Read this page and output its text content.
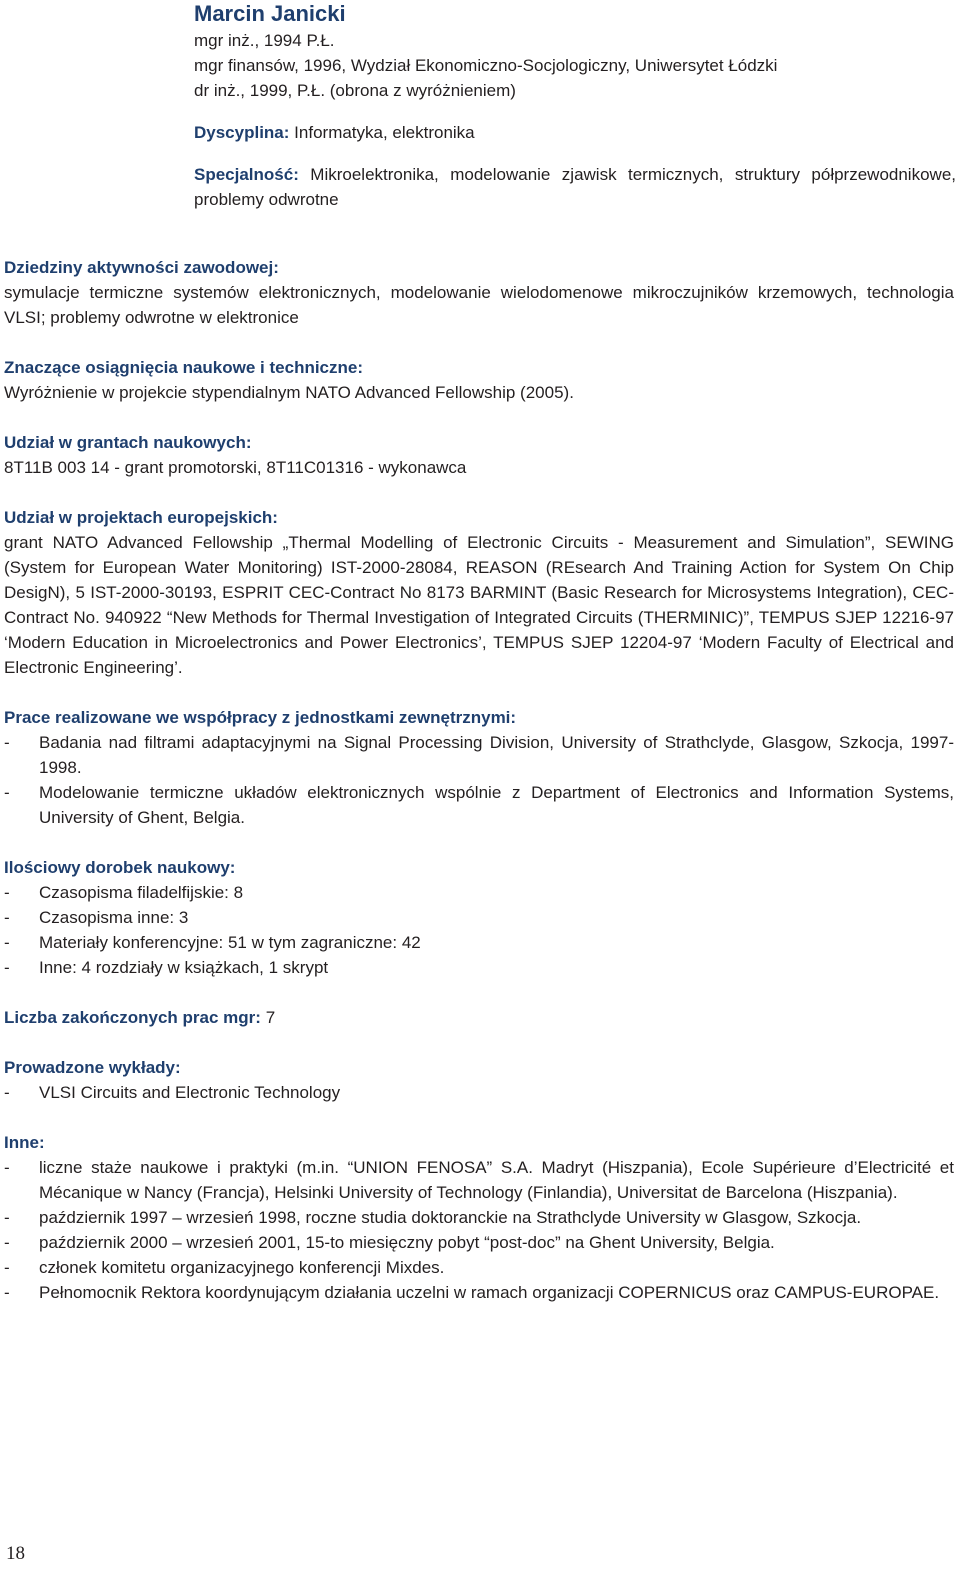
Marcin Janicki
mgr inż., 1994 P.Ł.
mgr finansów, 1996, Wydział Ekonomiczno-Socjologiczny, Uniwersytet Łódzki
dr inż., 1999, P.Ł. (obrona z wyróżnieniem)
Dyscyplina: Informatyka, elektronika
Specjalność: Mikroelektronika, modelowanie zjawisk termicznych, struktury półprzewodnikowe, problemy odwrotne
Dziedziny aktywności zawodowej:
symulacje termiczne systemów elektronicznych, modelowanie wielodomenowe mikroczujników krzemowych, technologia VLSI; problemy odwrotne w elektronice
Znaczące osiągnięcia naukowe i techniczne:
Wyróżnienie w projekcie stypendialnym NATO Advanced Fellowship (2005).
Udział w grantach naukowych:
8T11B 003 14 - grant promotorski, 8T11C01316 - wykonawca
Udział w projektach europejskich:
grant NATO Advanced Fellowship „Thermal Modelling of Electronic Circuits - Measurement and Simulation”, SEWING (System for European Water Monitoring) IST-2000-28084, REASON (REsearch And Training Action for System On Chip DesigN), 5 IST-2000-30193, ESPRIT CEC-Contract No 8173 BARMINT (Basic Research for Microsystems Integration), CEC-Contract No. 940922 “New Methods for Thermal Investigation of Integrated Circuits (THERMINIC)”, TEMPUS SJEP 12216-97 ‘Modern Education in Microelectronics and Power Electronics’, TEMPUS SJEP 12204-97 ‘Modern Faculty of Electrical and Electronic Engineering’.
Prace realizowane we współpracy z jednostkami zewnętrznymi:
- Badania nad filtrami adaptacyjnymi na Signal Processing Division, University of Strathclyde, Glasgow, Szkocja, 1997-1998.
- Modelowanie termiczne układów elektronicznych wspólnie z Department of Electronics and Information Systems, University of Ghent, Belgia.
Ilościowy dorobek naukowy:
- Czasopisma filadelfijskie: 8
- Czasopisma inne: 3
- Materiały konferencyjne: 51 w tym zagraniczne: 42
- Inne: 4 rozdziały w książkach, 1 skrypt
Liczba zakończonych prac mgr: 7
Prowadzone wykłady:
- VLSI Circuits and Electronic Technology
Inne:
- liczne staże naukowe i praktyki (m.in. “UNION FENOSA” S.A. Madryt (Hiszpania), Ecole Supérieure d’Electricité et Mécanique w Nancy (Francja), Helsinki University of Technology (Finlandia), Universitat de Barcelona (Hiszpania).
- październik 1997 – wrzesień 1998, roczne studia doktoranckie na Strathclyde University w Glasgow, Szkocja.
- październik 2000 – wrzesień 2001, 15-to miesięczny pobyt “post-doc” na Ghent University, Belgia.
- członek komitetu organizacyjnego konferencji Mixdes.
- Pełnomocnik Rektora koordynującym działania uczelni w ramach organizacji COPERNICUS oraz CAMPUS-EUROPAE.
18
